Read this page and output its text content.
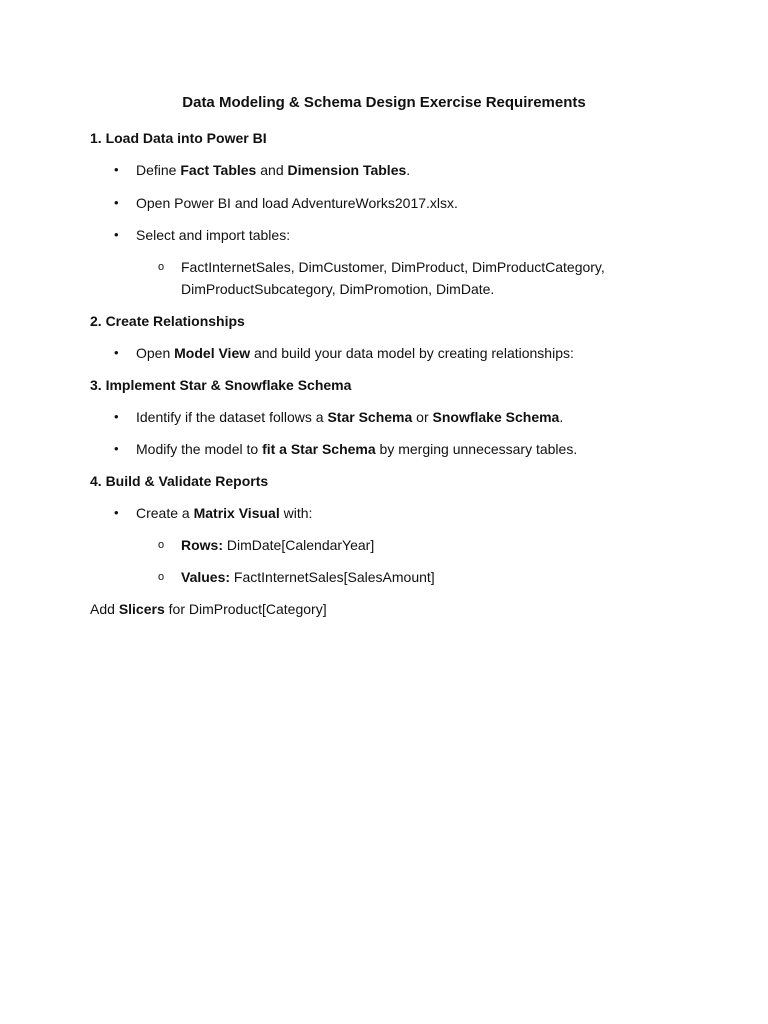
Data Modeling & Schema Design Exercise Requirements
1. Load Data into Power BI
• Define Fact Tables and Dimension Tables.
• Open Power BI and load AdventureWorks2017.xlsx.
• Select and import tables:
o FactInternetSales, DimCustomer, DimProduct, DimProductCategory,
DimProductSubcategory, DimPromotion, DimDate.
2. Create Relationships
• Open Model View and build your data model by creating relationships:
3. Implement Star & Snowflake Schema
• Identify if the dataset follows a Star Schema or Snowflake Schema.
• Modify the model to fit a Star Schema by merging unnecessary tables.
4. Build & Validate Reports
• Create a Matrix Visual with:
o Rows: DimDate[CalendarYear]
o Values: FactInternetSales[SalesAmount]
Add Slicers for DimProduct[Category]
